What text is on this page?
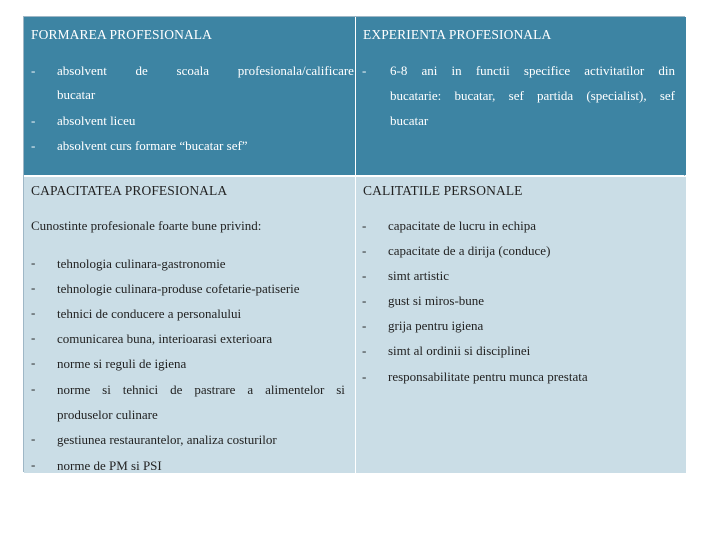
FORMAREA PROFESIONALA
- absolvent de scoala profesionala/calificare
bucatar
- absolvent liceu
- absolvent curs formare “bucatar sef”
EXPERIENTA PROFESIONALA
- 6-8 ani in functii specifice activitatilor din
bucatarie: bucatar, sef partida (specialist), sef
bucatar
CAPACITATEA PROFESIONALA
Cunostinte profesionale foarte bune privind:
- tehnologia culinara-gastronomie
- tehnologie culinara-produse cofetarie-patiserie
- tehnici de conducere a personalului
- comunicarea buna, interioarasi exterioara
- norme si reguli de igiena
- norme si tehnici de pastrare a alimentelor si
produselor culinare
- gestiunea restaurantelor, analiza costurilor
- norme de PM si PSI
CALITATILE PERSONALE
- capacitate de lucru in echipa
- capacitate de a dirija (conduce)
- simt artistic
- gust si miros-bune
- grija pentru igiena
- simt al ordinii si disciplinei
- responsabilitate pentru munca prestata
